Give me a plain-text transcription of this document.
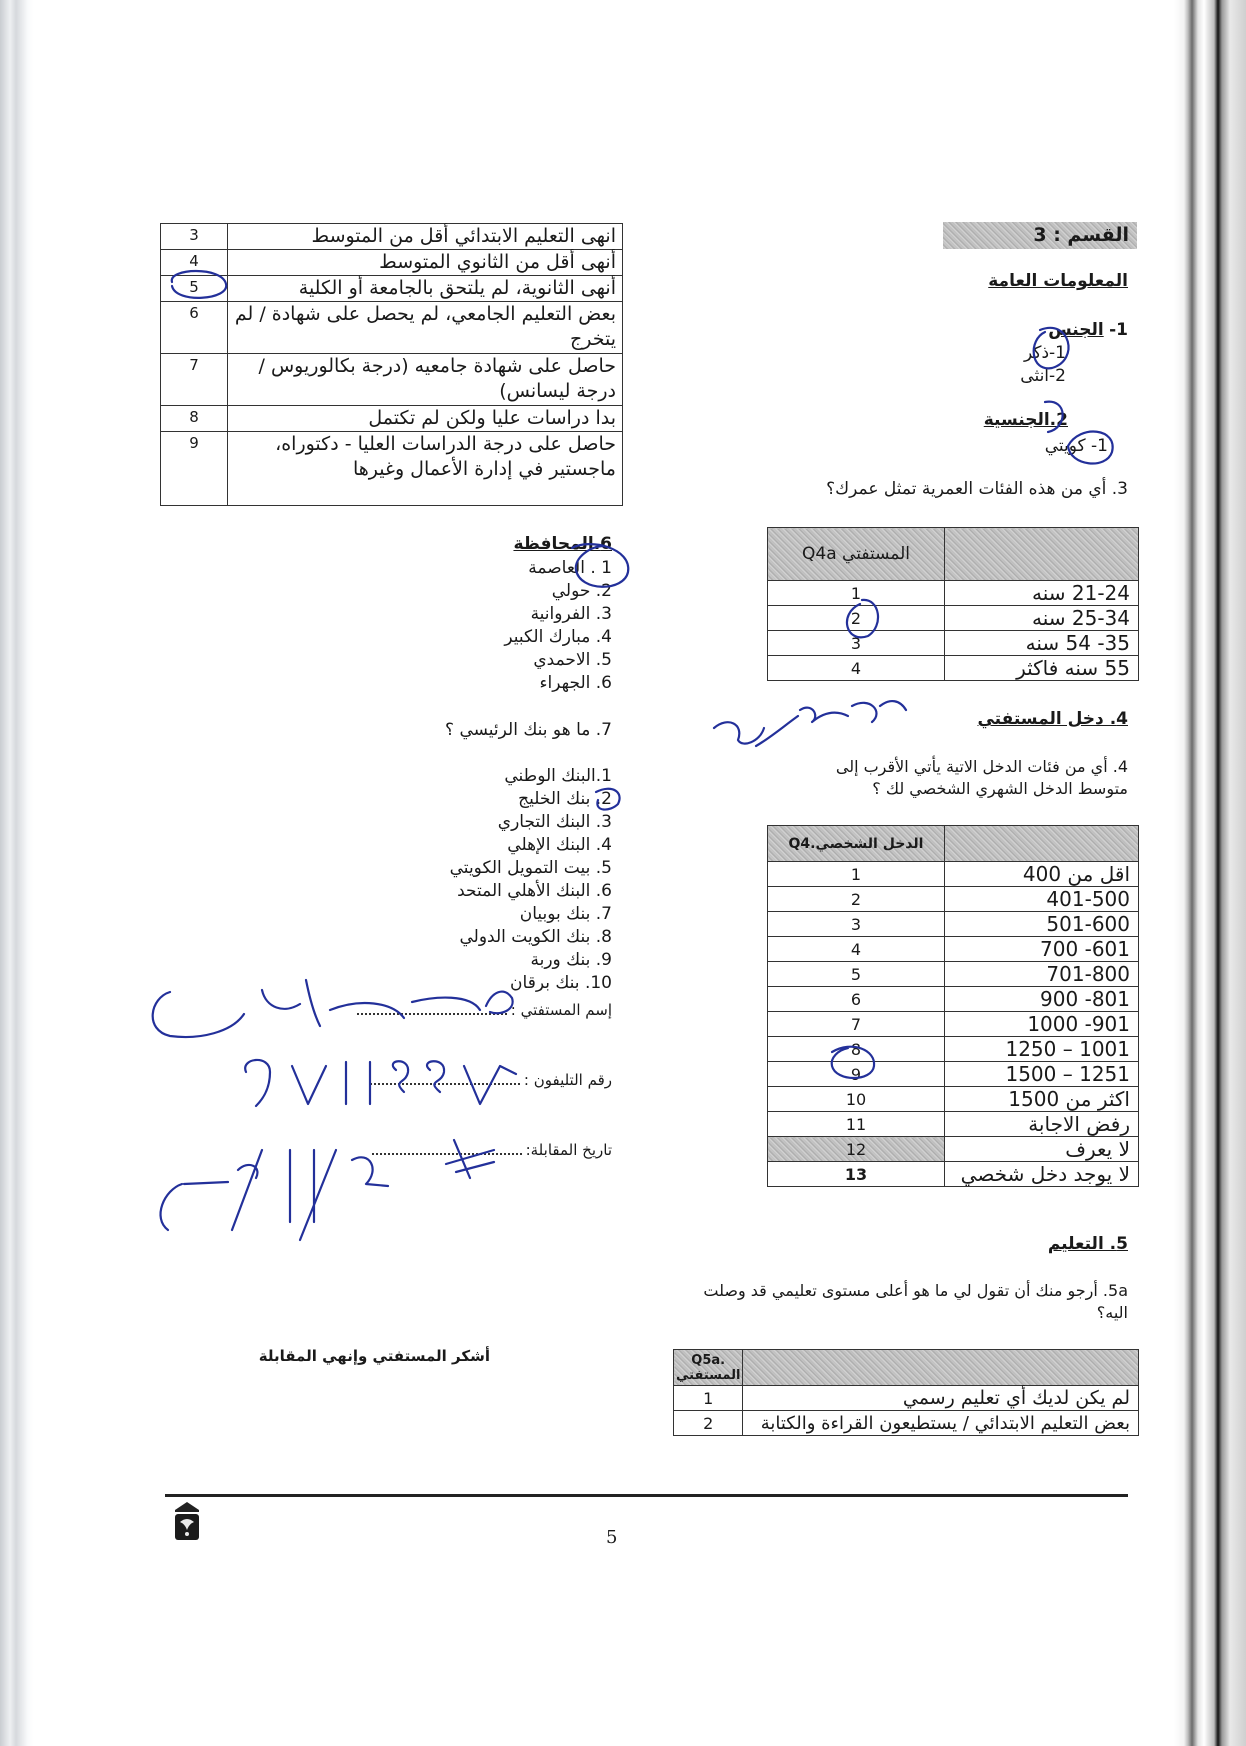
القسم : 3
المعلومات العامة
1- الجنس
1-ذكر
2-انثى
2.الجنسية
1- كويتي
3. أي من هذه الفئات العمرية تمثل عمرك؟
Q4a المستفتي	
1	21-24 سنه
2	25-34 سنه
3	35- 54 سنه
4	55 سنه فاكثر
4. دخل المستفتي
4. أي من فئات الدخل الاتية يأتي الأقرب إلى متوسط الدخل الشهري الشخصي لك ؟
Q4.الدخل الشخصي	
1	اقل من 400
2	401-500
3	501-600
4	601- 700
5	701-800
6	801- 900
7	901- 1000
8	1001 – 1250
9	1251 – 1500
10	اكثر من 1500
11	رفض الاجابة
12	لا يعرف
13	لا يوجد دخل شخصي
5. التعليم
5a. أرجو منك أن تقول لي ما هو أعلى مستوى تعليمي قد وصلت اليه؟
Q5a. المستفتي	
1	لم يكن لديك أي تعليم رسمي
2	بعض التعليم الابتدائي / يستطيعون القراءة والكتابة
3	انهى التعليم الابتدائي أقل من المتوسط
4	أنهى أقل من الثانوي المتوسط
5	أنهى الثانوية، لم يلتحق بالجامعة أو الكلية
6	بعض التعليم الجامعي، لم يحصل على شهادة / لم يتخرج
7	حاصل على شهادة جامعيه (درجة بكالوريوس / درجة ليسانس)
8	بدا دراسات عليا ولكن لم تكتمل
9	حاصل على درجة الدراسات العليا - دكتوراه، ماجستير في إدارة الأعمال وغيرها
6.المحافظة
1 . العاصمة
2. حولي
3. الفروانية
4. مبارك الكبير
5. الاحمدي
6. الجهراء
7. ما هو بنك الرئيسي ؟
1.البنك الوطني
2. بنك الخليج
3. البنك التجاري
4. البنك الإهلي
5. بيت التمويل الكويتي
6. البنك الأهلي المتحد
7. بنك بوبيان
8. بنك الكويت الدولي
9. بنك وربة
10. بنك برقان
إسم المستفتي :
رقم التليفون :
تاريخ المقابلة:
أشكر المستفتي وإنهي المقابلة
5
